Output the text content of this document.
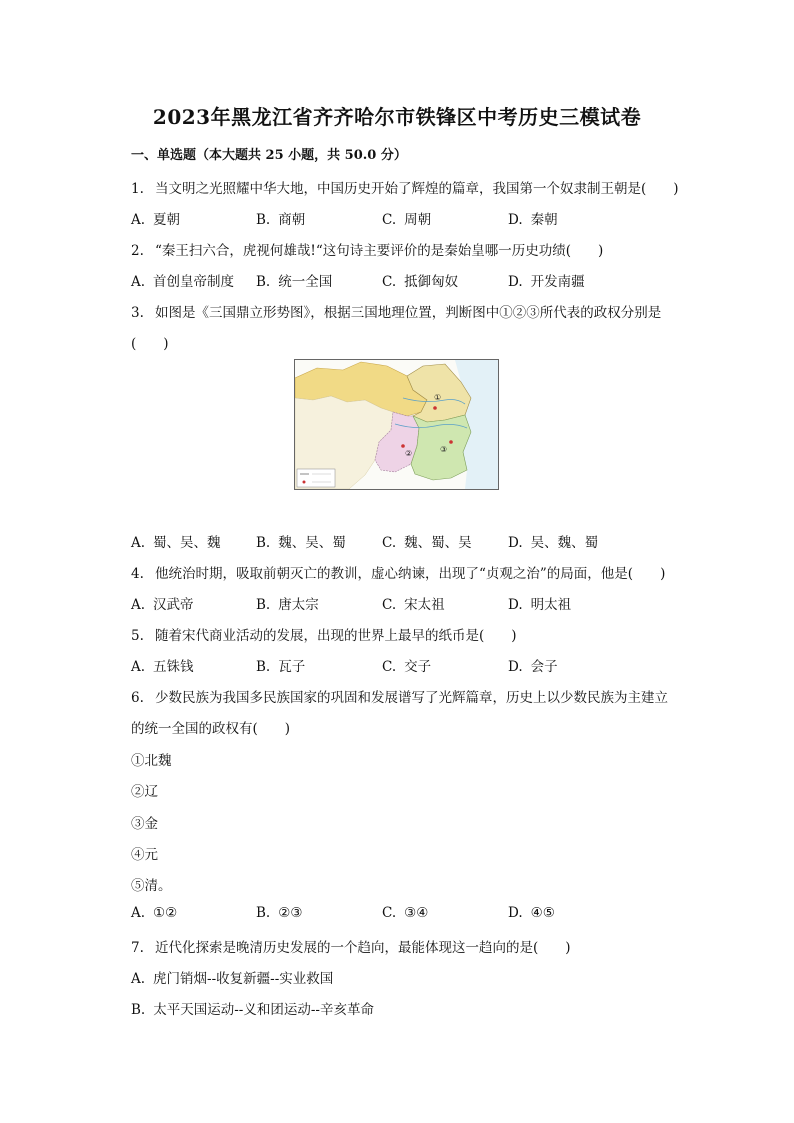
2023年黑龙江省齐齐哈尔市铁锋区中考历史三模试卷
一、单选题（本大题共 25 小题，共 50.0 分）
1. 当文明之光照耀中华大地，中国历史开始了辉煌的篇章，我国第一个奴隶制王朝是(　　)
A. 夏朝	B. 商朝	C. 周朝	D. 秦朝
2. “秦王扫六合，虎视何雄哉!“这句诗主要评价的是秦始皇哪一历史功绩(　　)
A. 首创皇帝制度 B. 统一全国	C. 抵御匈奴	D. 开发南疆
3. 如图是《三国鼎立形势图》，根据三国地理位置，判断图中①②③所代表的政权分别是
(　　)
①
②	③
A. 蜀、吴、魏	B. 魏、吴、蜀	C. 魏、蜀、吴	D. 吴、魏、蜀
4. 他统治时期，吸取前朝灭亡的教训，虚心纳谏，出现了“贞观之治”的局面，他是(　　)
A. 汉武帝	B. 唐太宗	C. 宋太祖	D. 明太祖
5. 随着宋代商业活动的发展，出现的世界上最早的纸币是(　　)
A. 五铢钱	B. 瓦子	C. 交子	D. 会子
6. 少数民族为我国多民族国家的巩固和发展谱写了光辉篇章，历史上以少数民族为主建立
的统一全国的政权有(　　)
①北魏
②辽
③金
④元
⑤清。
A. ①②	B. ②③	C. ③④	D. ④⑤
7. 近代化探索是晚清历史发展的一个趋向，最能体现这一趋向的是(　　)
A. 虎门销烟--收复新疆--实业救国
B. 太平天国运动--义和团运动--辛亥革命
